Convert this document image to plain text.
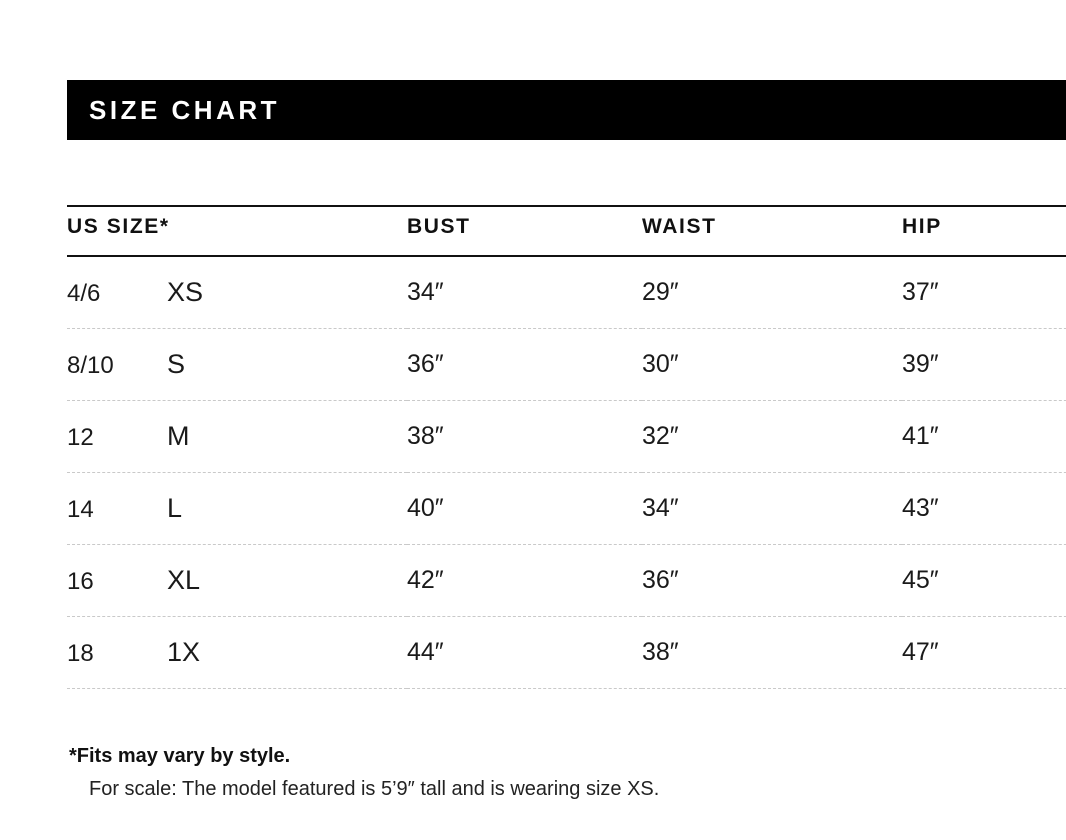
SIZE CHART
US SIZE*	BUST	WAIST	HIP
4/6 XS	34″	29″	37″
8/10 S	36″	30″	39″
12 M	38″	32″	41″
14 L	40″	34″	43″
16 XL	42″	36″	45″
18 1X	44″	38″	47″

*Fits may vary by style.

For scale: The model featured is 5’9″ tall and is wearing size XS.
